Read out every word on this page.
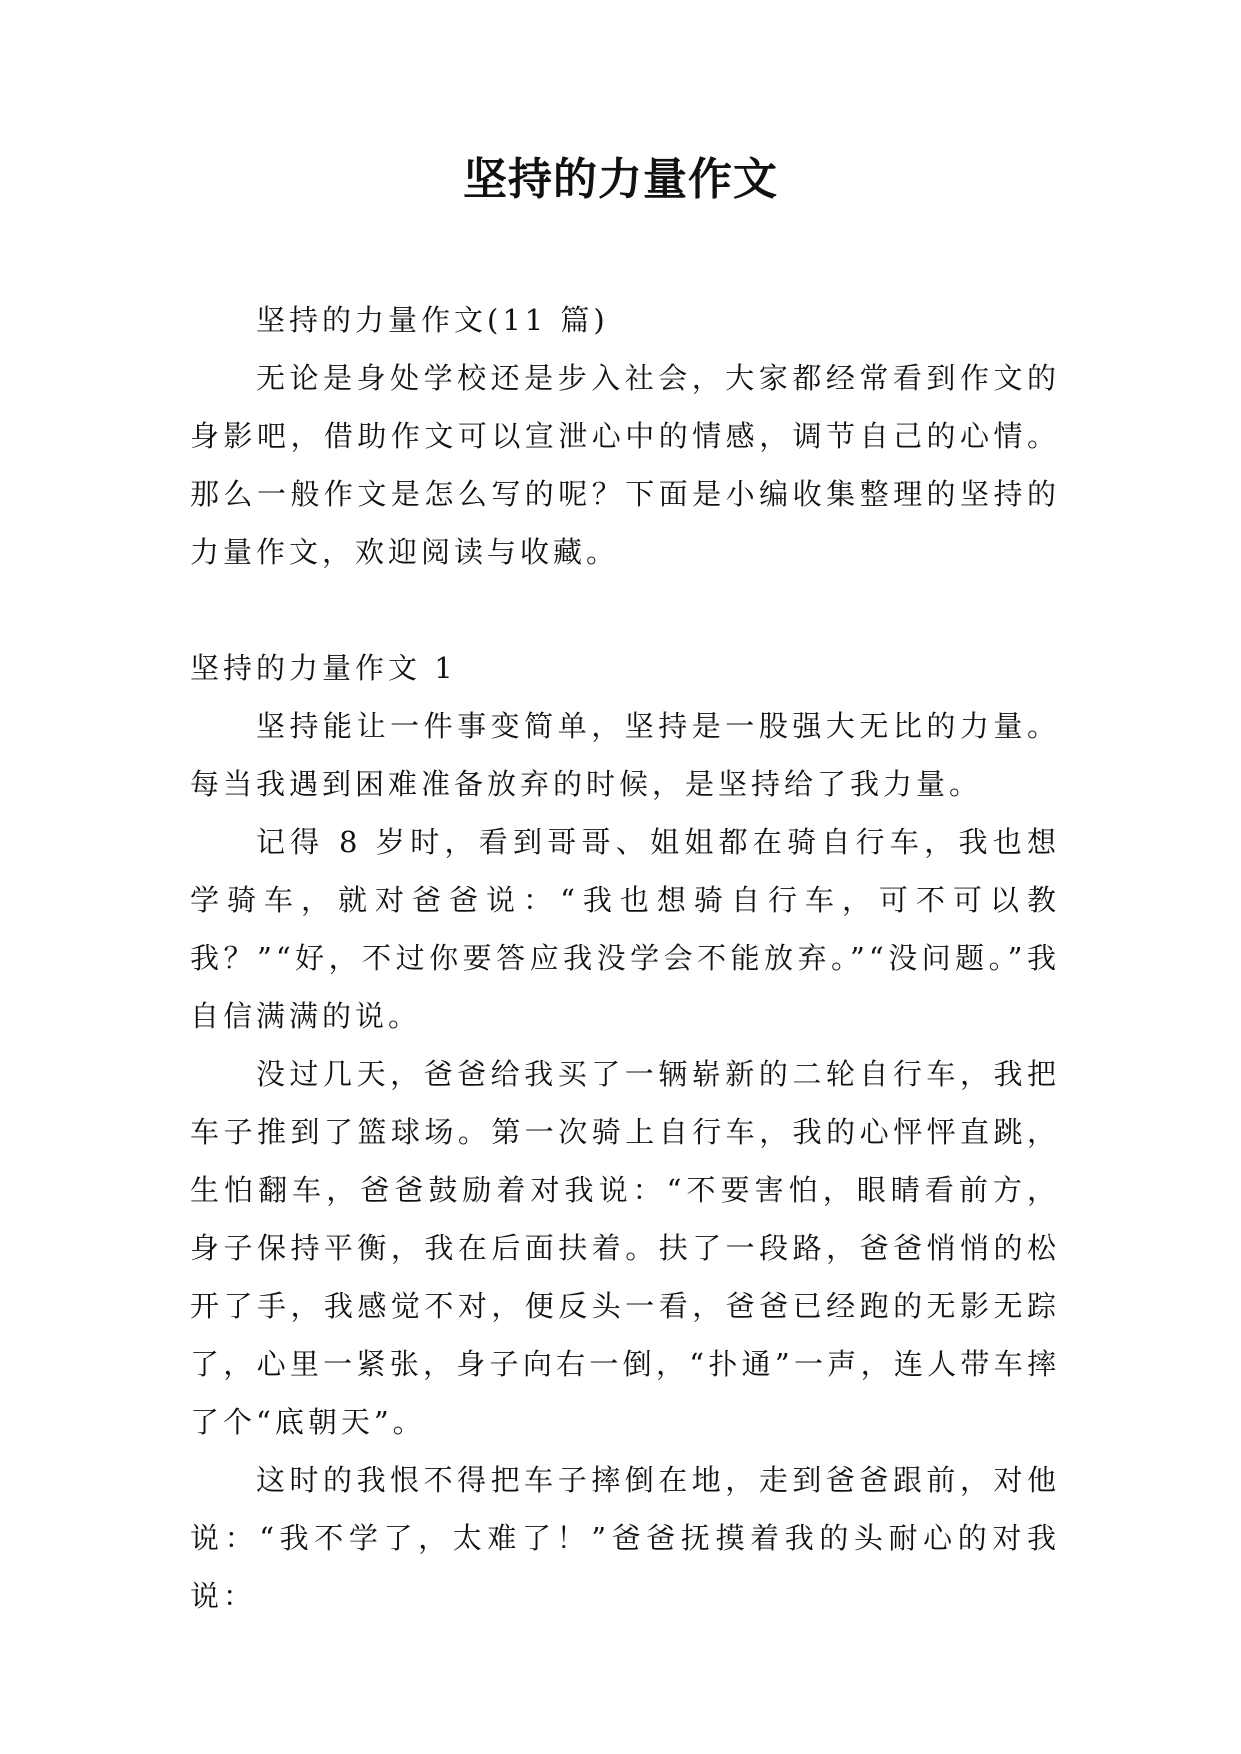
坚持的力量作文

坚持的力量作文(11 篇)

无论是身处学校还是步入社会，大家都经常看到作文的身影吧，借助作文可以宣泄心中的情感，调节自己的心情。那么一般作文是怎么写的呢？下面是小编收集整理的坚持的力量作文，欢迎阅读与收藏。

坚持的力量作文 1

坚持能让一件事变简单，坚持是一股强大无比的力量。每当我遇到困难准备放弃的时候，是坚持给了我力量。

记得 8 岁时，看到哥哥、姐姐都在骑自行车，我也想学骑车，就对爸爸说：“我也想骑自行车，可不可以教我？”“好，不过你要答应我没学会不能放弃。”“没问题。”我自信满满的说。

没过几天，爸爸给我买了一辆崭新的二轮自行车，我把车子推到了篮球场。第一次骑上自行车，我的心怦怦直跳，生怕翻车，爸爸鼓励着对我说：“不要害怕，眼睛看前方，身子保持平衡，我在后面扶着。扶了一段路，爸爸悄悄的松开了手，我感觉不对，便反头一看，爸爸已经跑的无影无踪了，心里一紧张，身子向右一倒，“扑通”一声，连人带车摔了个“底朝天”。

这时的我恨不得把车子摔倒在地，走到爸爸跟前，对他说：“我不学了，太难了！”爸爸抚摸着我的头耐心的对我说：
